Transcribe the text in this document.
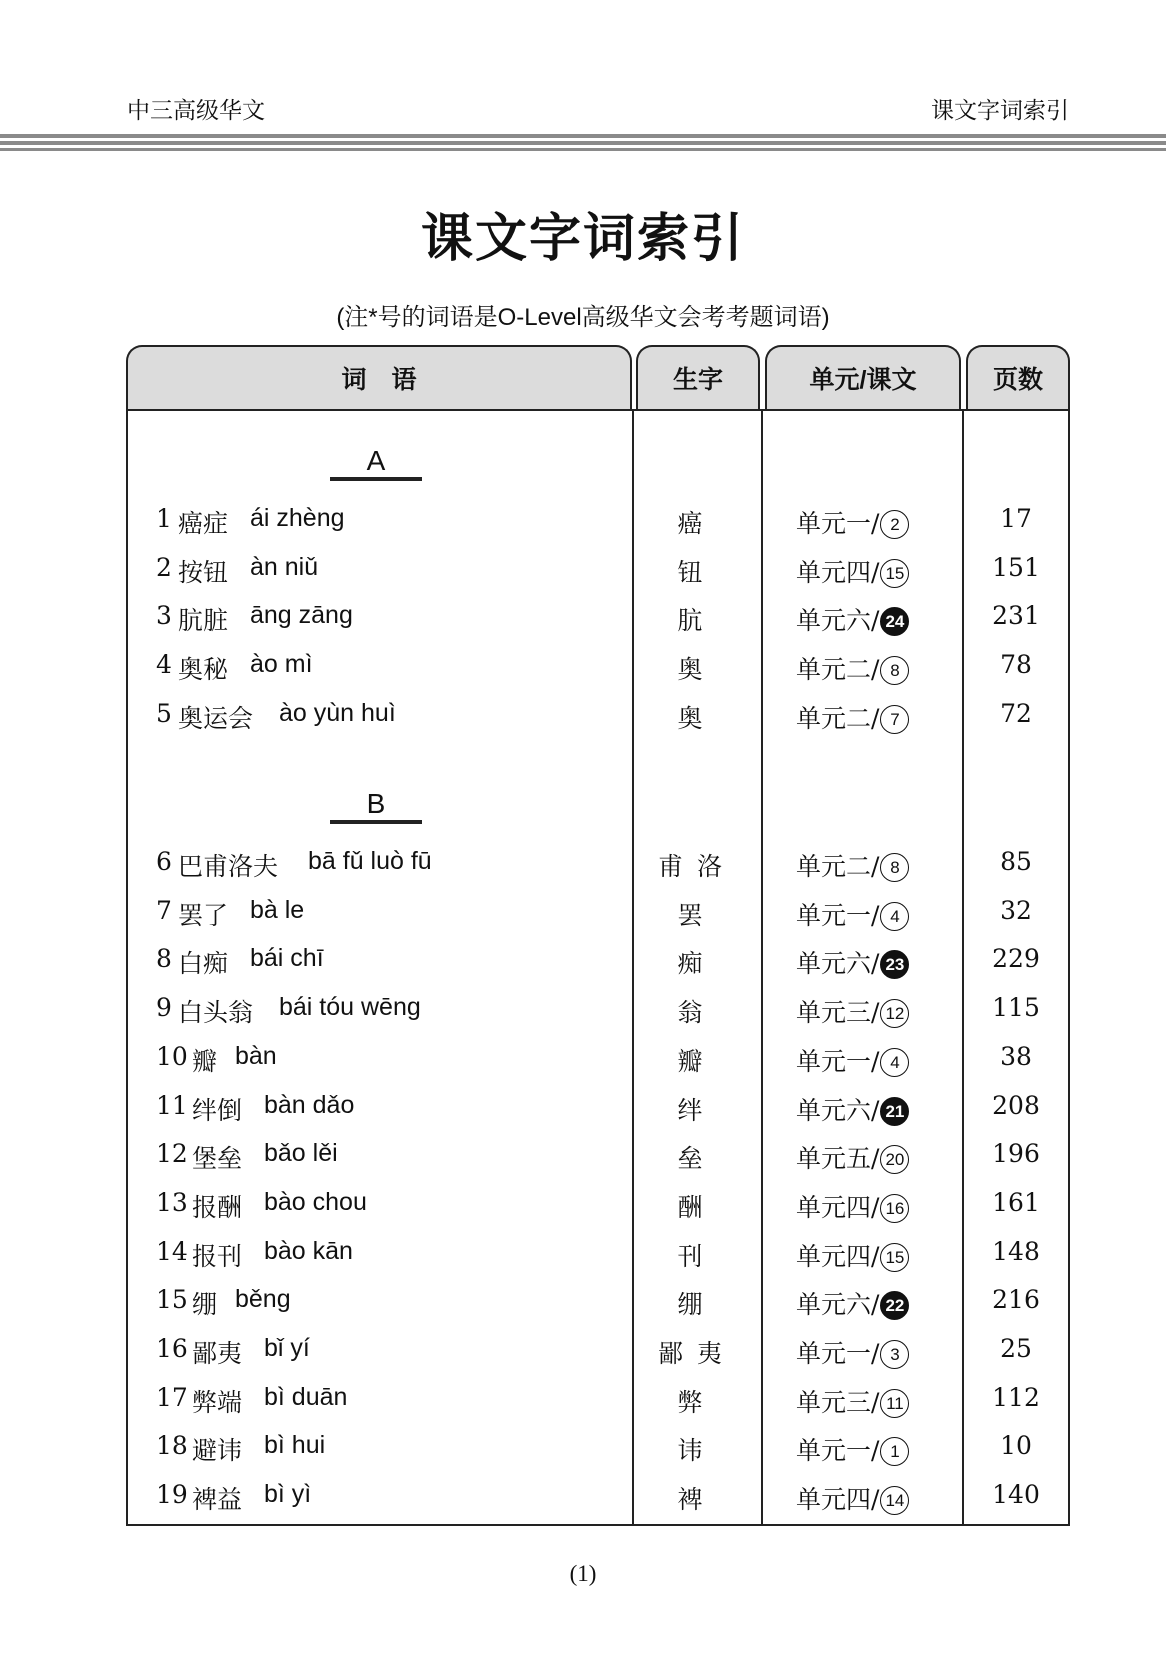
中三高级华文	课文字词索引
课文字词索引
(注*号的词语是O-Level高级华文会考考题词语)
词　语	生字	单元/课文	页数
A
1 癌症 ái zhèng	癌	单元一/ 2	17
2 按钮 àn niǔ	钮	单元四/ 15	151
3 肮脏 āng zāng	肮	单元六/ 24	231
4 奥秘 ào mì	奥	单元二/ 8	78
5 奥运会 ào yùn huì	奥	单元二/ 7	72
B
6 巴甫洛夫 bā fǔ luò fū	甫洛	单元二/ 8	85
7 罢了 bà le	罢	单元一/ 4	32
8 白痴 bái chī	痴	单元六/ 23	229
9 白头翁 bái tóu wēng	翁	单元三/ 12	115
10 瓣 bàn	瓣	单元一/ 4	38
11 绊倒 bàn dǎo	绊	单元六/ 21	208
12 堡垒 bǎo lěi	垒	单元五/ 20	196
13 报酬 bào chou	酬	单元四/ 16	161
14 报刊 bào kān	刊	单元四/ 15	148
15 绷 běng	绷	单元六/ 22	216
16 鄙夷 bǐ yí	鄙夷	单元一/ 3	25
17 弊端 bì duān	弊	单元三/ 11	112
18 避讳 bì hui	讳	单元一/ 1	10
19 裨益 bì yì	裨	单元四/ 14	140
(1)
